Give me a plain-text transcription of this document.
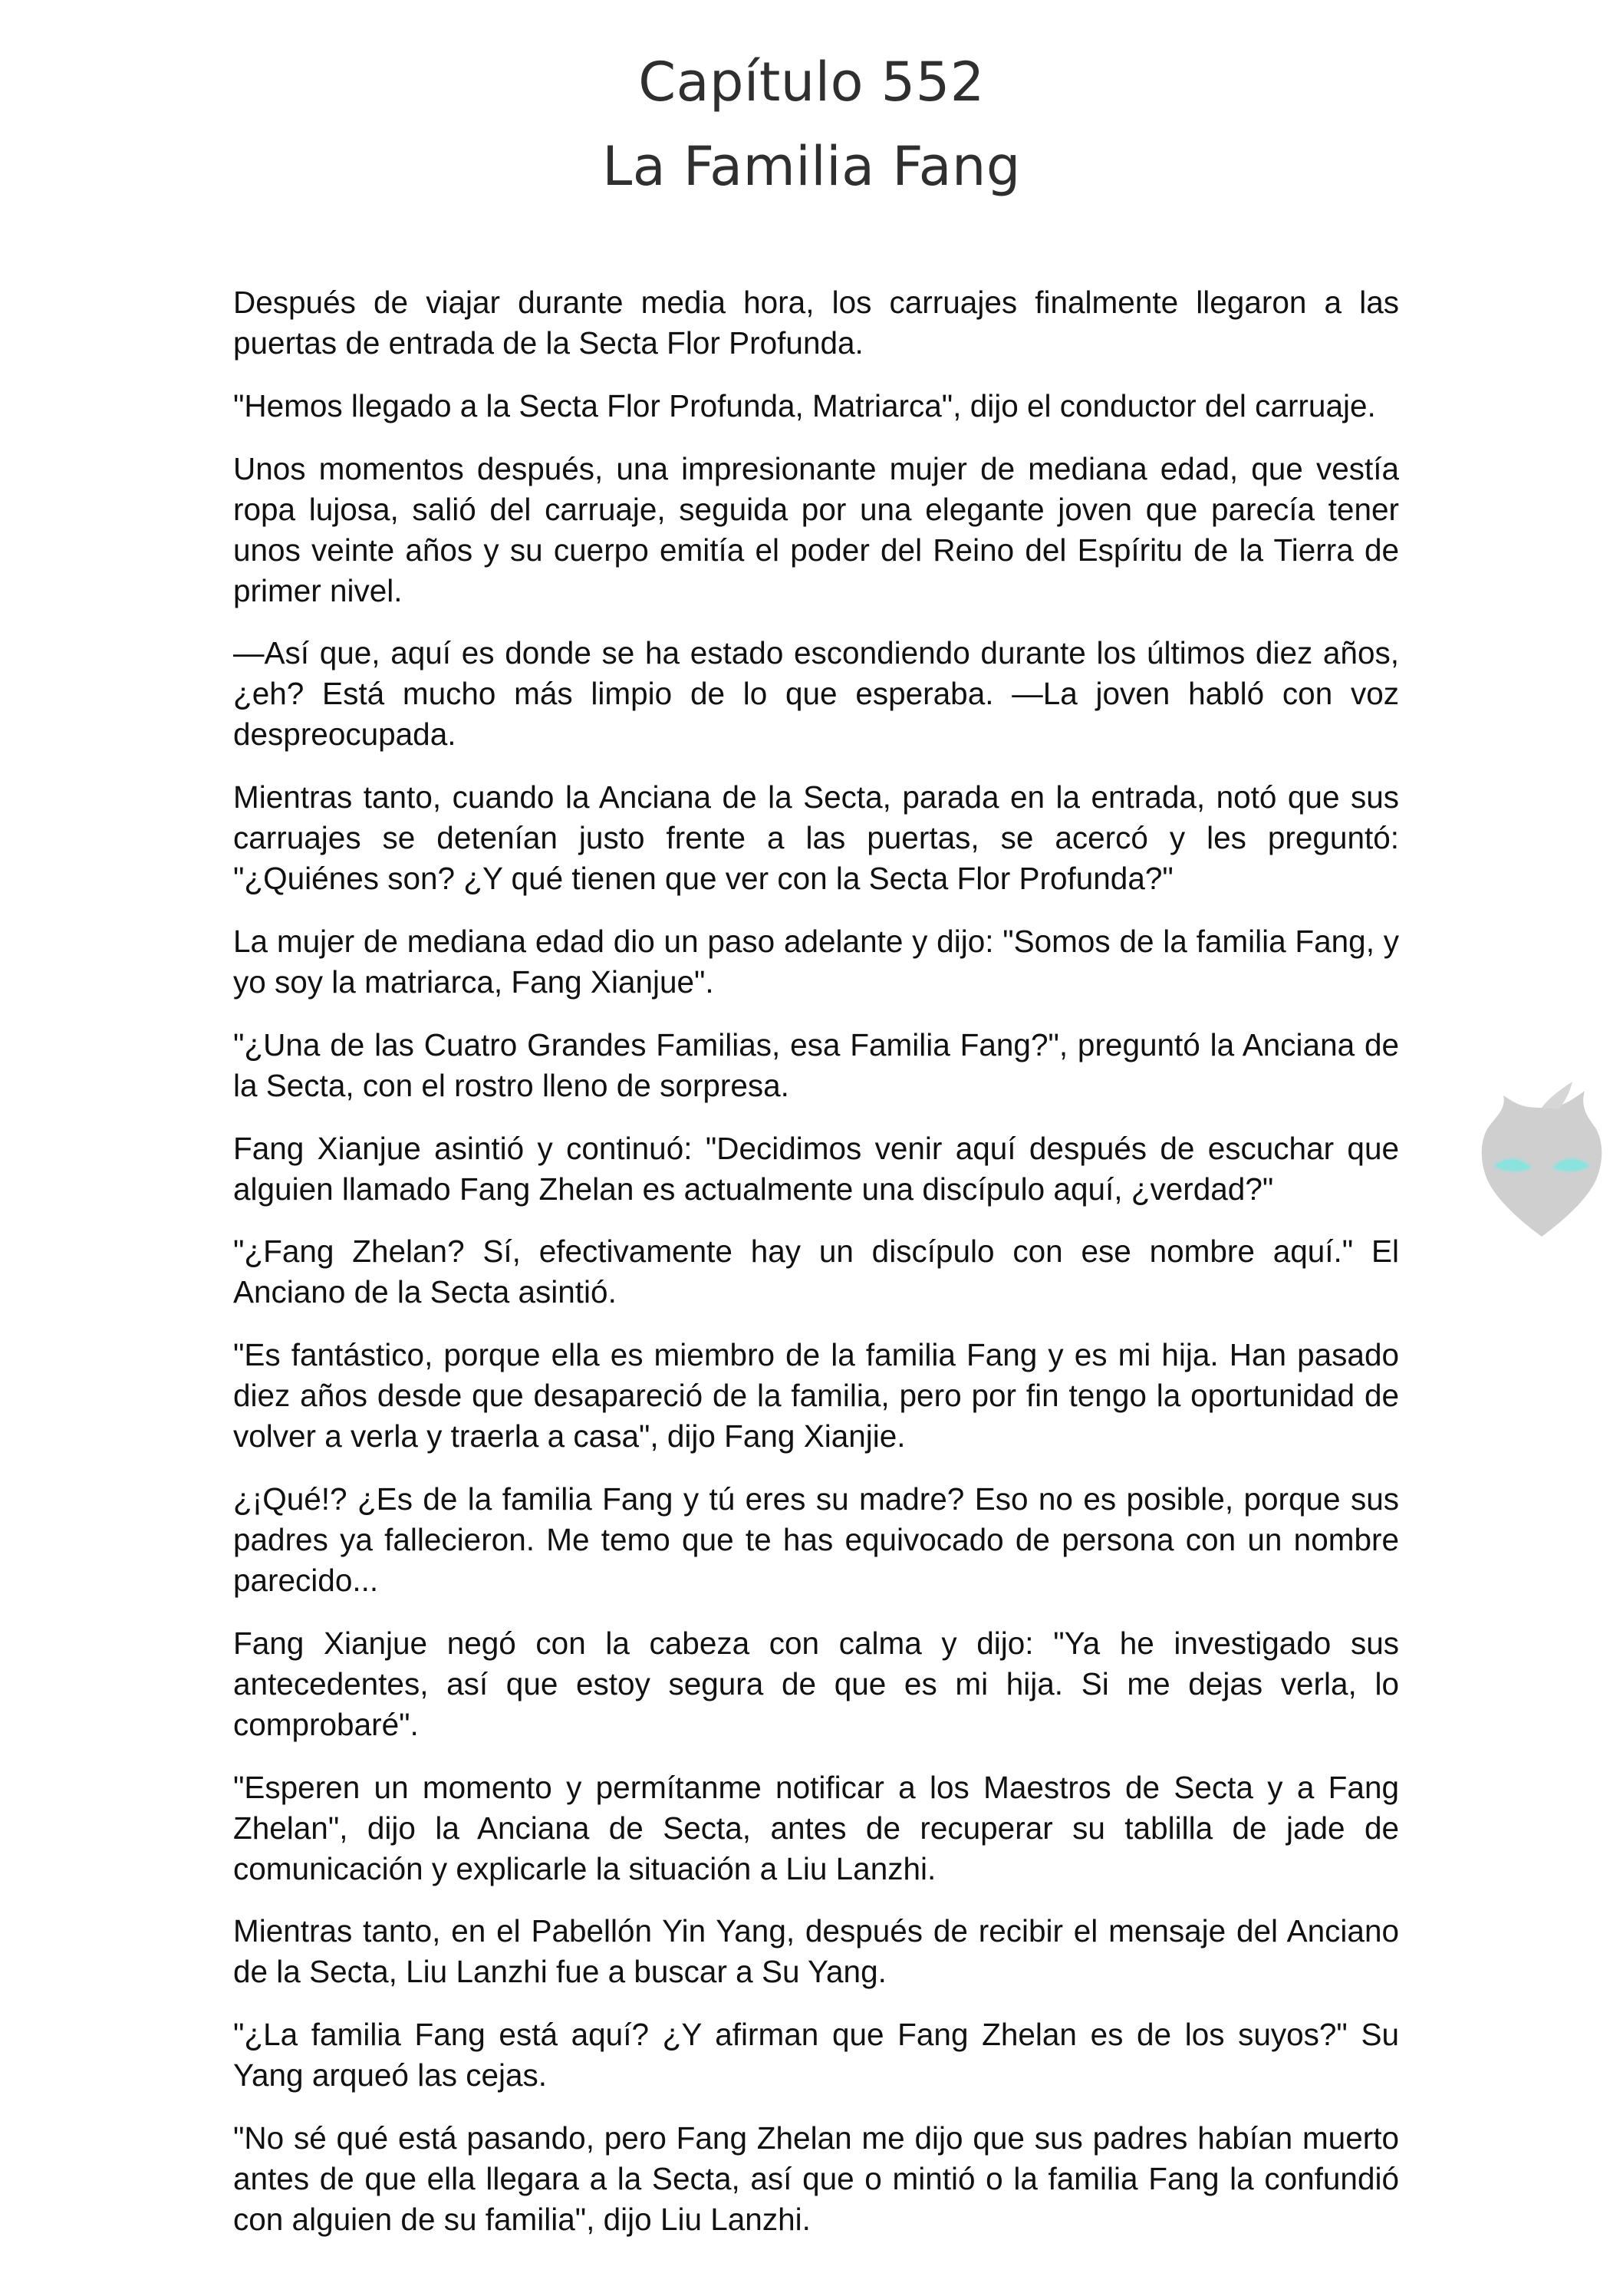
Capítulo 552
La Familia Fang

Después de viajar durante media hora, los carruajes finalmente llegaron a las puertas de entrada de la Secta Flor Profunda.

"Hemos llegado a la Secta Flor Profunda, Matriarca", dijo el conductor del carruaje.

Unos momentos después, una impresionante mujer de mediana edad, que vestía ropa lujosa, salió del carruaje, seguida por una elegante joven que parecía tener unos veinte años y su cuerpo emitía el poder del Reino del Espíritu de la Tierra de primer nivel.

—Así que, aquí es donde se ha estado escondiendo durante los últimos diez años, ¿eh? Está mucho más limpio de lo que esperaba. —La joven habló con voz despreocupada.

Mientras tanto, cuando la Anciana de la Secta, parada en la entrada, notó que sus carruajes se detenían justo frente a las puertas, se acercó y les preguntó: "¿Quiénes son? ¿Y qué tienen que ver con la Secta Flor Profunda?"

La mujer de mediana edad dio un paso adelante y dijo: "Somos de la familia Fang, y yo soy la matriarca, Fang Xianjue".

"¿Una de las Cuatro Grandes Familias, esa Familia Fang?", preguntó la Anciana de la Secta, con el rostro lleno de sorpresa.

Fang Xianjue asintió y continuó: "Decidimos venir aquí después de escuchar que alguien llamado Fang Zhelan es actualmente una discípulo aquí, ¿verdad?"

"¿Fang Zhelan? Sí, efectivamente hay un discípulo con ese nombre aquí." El Anciano de la Secta asintió.

"Es fantástico, porque ella es miembro de la familia Fang y es mi hija. Han pasado diez años desde que desapareció de la familia, pero por fin tengo la oportunidad de volver a verla y traerla a casa", dijo Fang Xianjie.

¿¡Qué!? ¿Es de la familia Fang y tú eres su madre? Eso no es posible, porque sus padres ya fallecieron. Me temo que te has equivocado de persona con un nombre parecido...

Fang Xianjue negó con la cabeza con calma y dijo: "Ya he investigado sus antecedentes, así que estoy segura de que es mi hija. Si me dejas verla, lo comprobaré".

"Esperen un momento y permítanme notificar a los Maestros de Secta y a Fang Zhelan", dijo la Anciana de Secta, antes de recuperar su tablilla de jade de comunicación y explicarle la situación a Liu Lanzhi.

Mientras tanto, en el Pabellón Yin Yang, después de recibir el mensaje del Anciano de la Secta, Liu Lanzhi fue a buscar a Su Yang.

"¿La familia Fang está aquí? ¿Y afirman que Fang Zhelan es de los suyos?" Su Yang arqueó las cejas.

"No sé qué está pasando, pero Fang Zhelan me dijo que sus padres habían muerto antes de que ella llegara a la Secta, así que o mintió o la familia Fang la confundió con alguien de su familia", dijo Liu Lanzhi.
